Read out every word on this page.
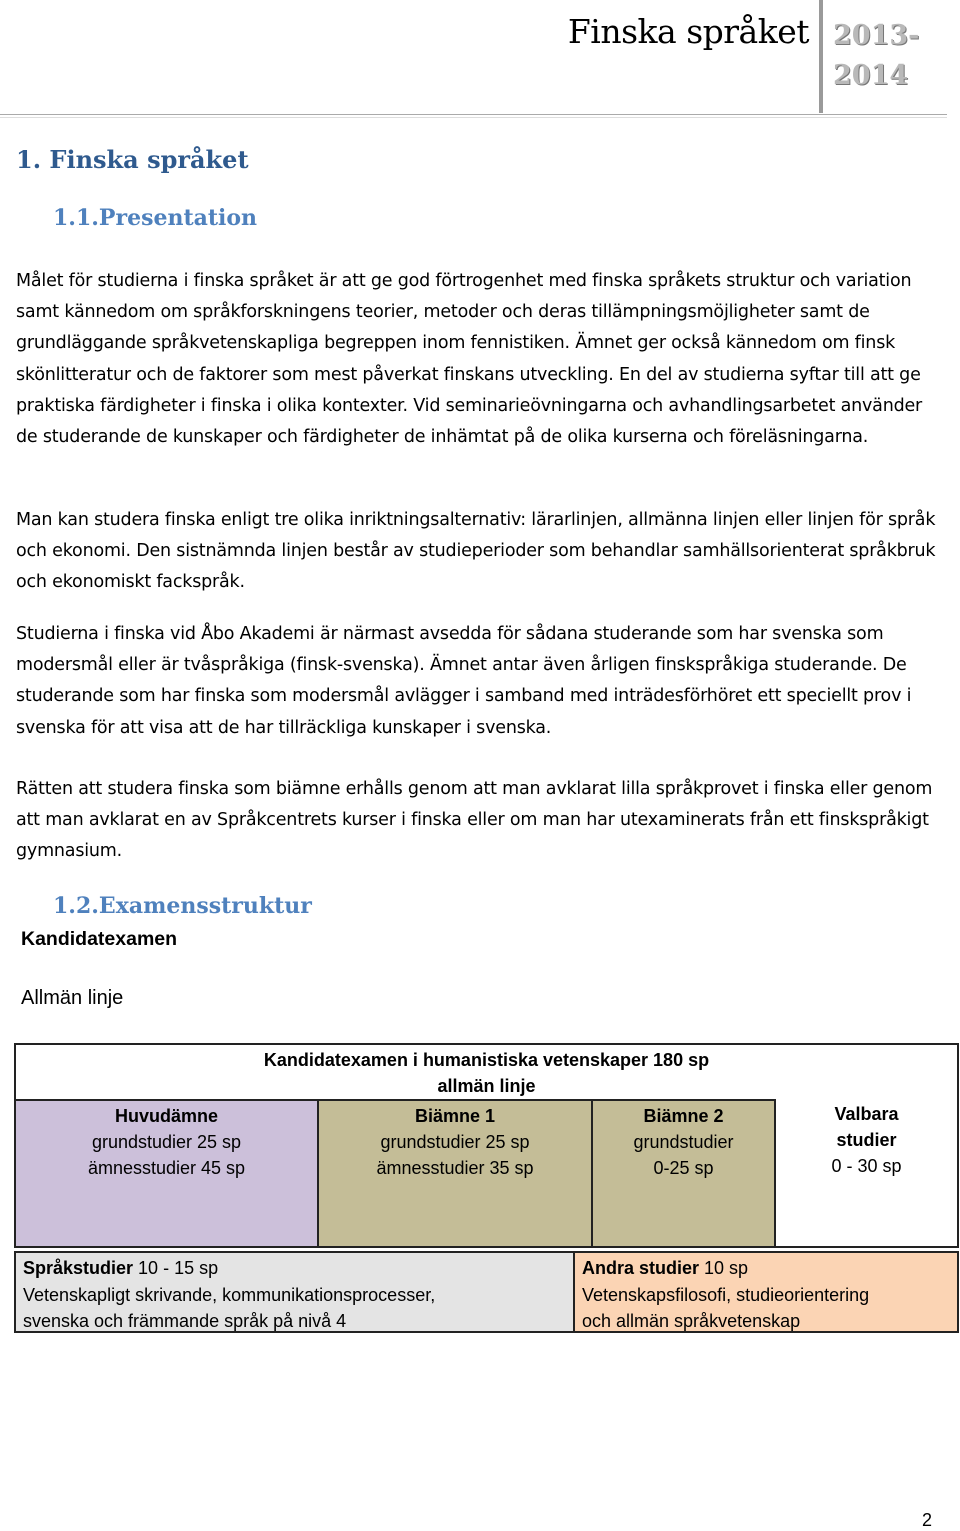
Finska språket 2013-
2014
1. Finska språket
1.1.Presentation

Målet för studierna i finska språket är att ge god förtrogenhet med finska språkets struktur och variation samt kännedom om språkforskningens teorier, metoder och deras tillämpningsmöjligheter samt de grundläggande språkvetenskapliga begreppen inom fennistiken. Ämnet ger också kännedom om finsk skönlitteratur och de faktorer som mest påverkat finskans utveckling. En del av studierna syftar till att ge praktiska färdigheter i finska i olika kontexter. Vid seminarieövningarna och avhandlingsarbetet använder de studerande de kunskaper och färdigheter de inhämtat på de olika kurserna och föreläsningarna.

Man kan studera finska enligt tre olika inriktningsalternativ: lärarlinjen, allmänna linjen eller linjen för språk och ekonomi. Den sistnämnda linjen består av studieperioder som behandlar samhällsorienterat språkbruk och ekonomiskt fackspråk.

Studierna i finska vid Åbo Akademi är närmast avsedda för sådana studerande som har svenska som modersmål eller är tvåspråkiga (finsk-svenska). Ämnet antar även årligen finskspråkiga studerande. De studerande som har finska som modersmål avlägger i samband med inträdesförhöret ett speciellt prov i svenska för att visa att de har tillräckliga kunskaper i svenska.

Rätten att studera finska som biämne erhålls genom att man avklarat lilla språkprovet i finska eller genom att man avklarat en av Språkcentrets kurser i finska eller om man har utexaminerats från ett finskspråkigt gymnasium.

1.2.Examensstruktur
Kandidatexamen
Allmän linje
Kandidatexamen i humanistiska vetenskaper 180 sp
allmän linje
Huvudämne
grundstudier 25 sp
ämnesstudier 45 sp
Biämne 1
grundstudier 25 sp
ämnesstudier 35 sp
Biämne 2
grundstudier
0-25 sp
Valbara
studier
0 - 30 sp
Språkstudier 10 - 15 sp
Vetenskapligt skrivande, kommunikationsprocesser,
svenska och främmande språk på nivå 4
Andra studier 10 sp
Vetenskapsfilosofi, studieorientering
och allmän språkvetenskap
2
